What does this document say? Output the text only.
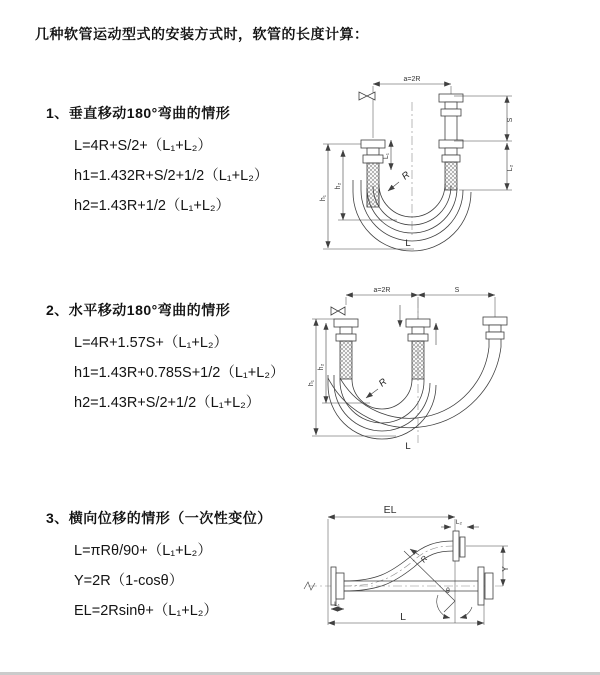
几种软管运动型式的安装方式时，软管的长度计算：

1、垂直移动180°弯曲的情形

L=4R+S/2+（L₁+L₂）
h1=1.432R+S/2+1/2（L₁+L₂）
h2=1.43R+1/2（L₁+L₂）

2、水平移动180°弯曲的情形

L=4R+1.57S+（L₁+L₂）
h1=1.43R+0.785S+1/2（L₁+L₂）
h2=1.43R+S/2+1/2（L₁+L₂）

3、横向位移的情形（一次性变位）

L=πRθ/90+（L₁+L₂）
Y=2R（1-cosθ）
EL=2Rsinθ+（L₁+L₂）
a=2R
h₁
h₂
L₁
S
L₂
R
L
a=2R	S
h₁
h₂
R
L
EL
L₂
R
Y
θ
L
L₁
